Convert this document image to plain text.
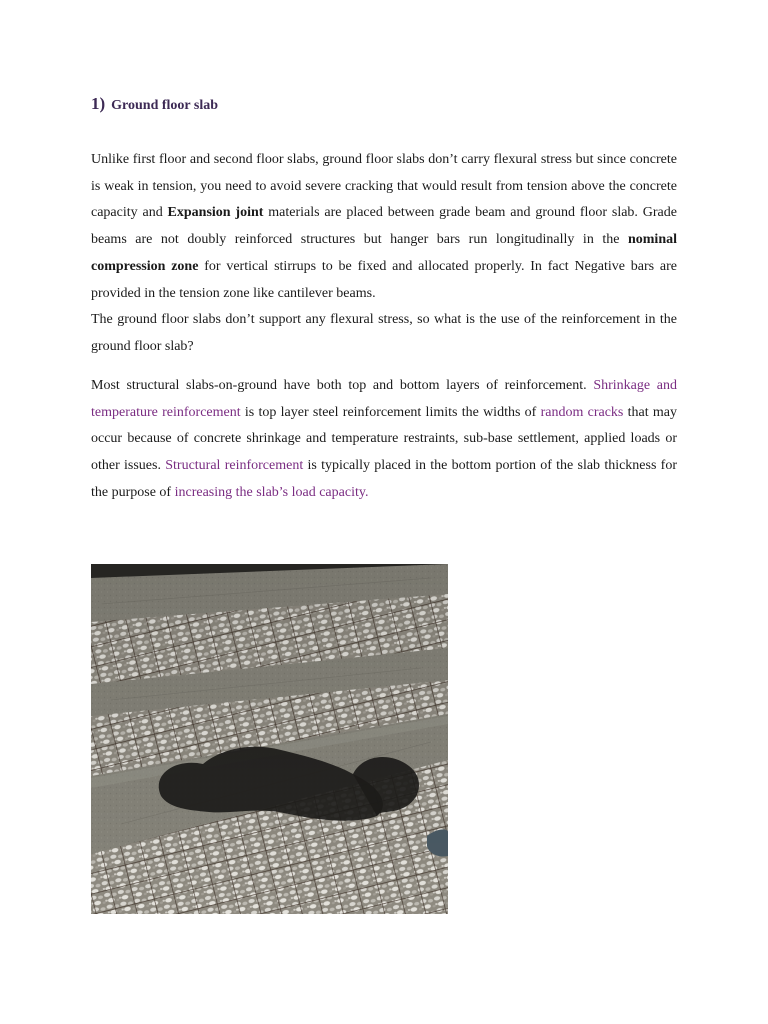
1) Ground floor slab

Unlike first floor and second floor slabs, ground floor slabs don’t carry flexural stress but since concrete is weak in tension, you need to avoid severe cracking that would result from tension above the concrete capacity and Expansion joint materials are placed between grade beam and ground floor slab. Grade beams are not doubly reinforced structures but hanger bars run longitudinally in the nominal compression zone for vertical stirrups to be fixed and allocated properly. In fact Negative bars are provided in the tension zone like cantilever beams.

The ground floor slabs don’t support any flexural stress, so what is the use of the reinforcement in the ground floor slab?

Most structural slabs-on-ground have both top and bottom layers of reinforcement. Shrinkage and temperature reinforcement is top layer steel reinforcement limits the widths of random cracks that may occur because of concrete shrinkage and temperature restraints, sub-base settlement, applied loads or other issues. Structural reinforcement is typically placed in the bottom portion of the slab thickness for the purpose of increasing the slab’s load capacity.
